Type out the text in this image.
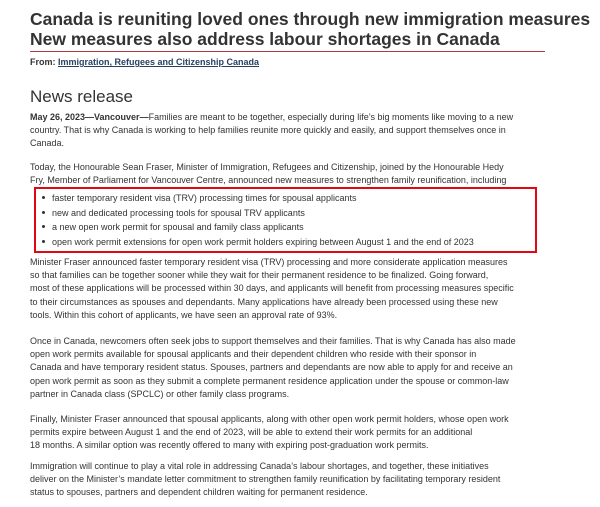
Canada is reuniting loved ones through new immigration measures
New measures also address labour shortages in Canada
From: Immigration, Refugees and Citizenship Canada
News release
May 26, 2023—Vancouver—Families are meant to be together, especially during life’s big moments like moving to a new
country. That is why Canada is working to help families reunite more quickly and easily, and support themselves once in
Canada.
Today, the Honourable Sean Fraser, Minister of Immigration, Refugees and Citizenship, joined by the Honourable Hedy
Fry, Member of Parliament for Vancouver Centre, announced new measures to strengthen family reunification, including
faster temporary resident visa (TRV) processing times for spousal applicants
new and dedicated processing tools for spousal TRV applicants
a new open work permit for spousal and family class applicants
open work permit extensions for open work permit holders expiring between August 1 and the end of 2023
Minister Fraser announced faster temporary resident visa (TRV) processing and more considerate application measures
so that families can be together sooner while they wait for their permanent residence to be finalized. Going forward,
most of these applications will be processed within 30 days, and applicants will benefit from processing measures specific
to their circumstances as spouses and dependants. Many applications have already been processed using these new
tools. Within this cohort of applicants, we have seen an approval rate of 93%.
Once in Canada, newcomers often seek jobs to support themselves and their families. That is why Canada has also made
open work permits available for spousal applicants and their dependent children who reside with their sponsor in
Canada and have temporary resident status. Spouses, partners and dependants are now able to apply for and receive an
open work permit as soon as they submit a complete permanent residence application under the spouse or common-law
partner in Canada class (SPCLC) or other family class programs.
Finally, Minister Fraser announced that spousal applicants, along with other open work permit holders, whose open work
permits expire between August 1 and the end of 2023, will be able to extend their work permits for an additional
18 months. A similar option was recently offered to many with expiring post-graduation work permits.
Immigration will continue to play a vital role in addressing Canada’s labour shortages, and together, these initiatives
deliver on the Minister’s mandate letter commitment to strengthen family reunification by facilitating temporary resident
status to spouses, partners and dependent children waiting for permanent residence.
